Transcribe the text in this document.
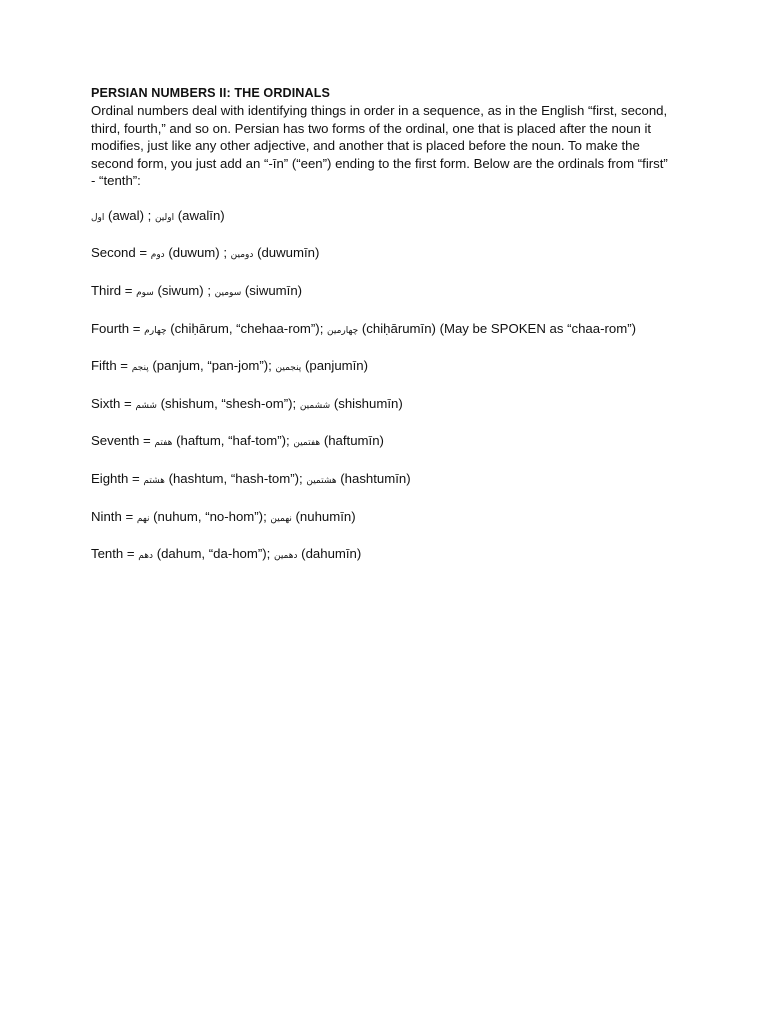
PERSIAN NUMBERS II: THE ORDINALS

Ordinal numbers deal with identifying things in order in a sequence, as in the English “first, second, third, fourth,” and so on. Persian has two forms of the ordinal, one that is placed after the noun it modifies, just like any other adjective, and another that is placed before the noun. To make the second form, you just add an “-īn” (“een”) ending to the first form. Below are the ordinals from “first” - “tenth”:

اول (awal) ; اولین (awalīn)

Second = دوم (duwum) ; دومین (duwumīn)

Third = سوم (siwum) ; سومین (siwumīn)

Fourth = چهارم (chiḥārum, “chehaa-rom”); چهارمین (chiḥārumīn) (May be SPOKEN as “chaa-rom”)

Fifth = پنجم (panjum, “pan-jom”); پنجمین (panjumīn)

Sixth = ششم (shishum, “shesh-om”); ششمین (shishumīn)

Seventh = هفتم (haftum, “haf-tom”); هفتمین (haftumīn)

Eighth = هشتم (hashtum, “hash-tom”); هشتمین (hashtumīn)

Ninth = نهم (nuhum, “no-hom”); نهمین (nuhumīn)

Tenth = دهم (dahum, “da-hom”); دهمین (dahumīn)
